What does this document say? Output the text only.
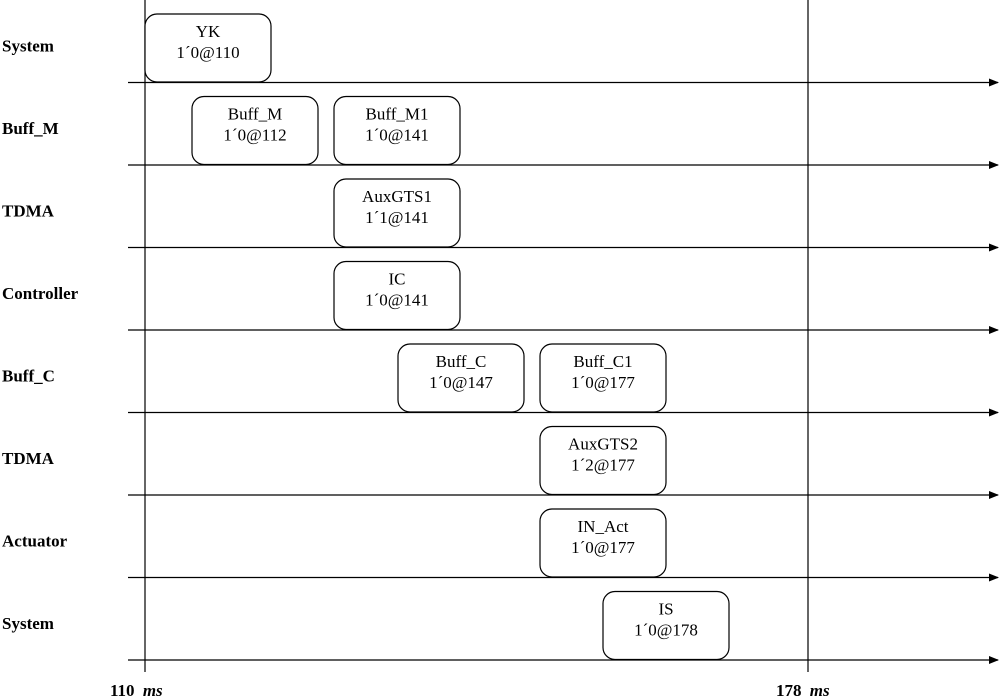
System
Buff_M
TDMA
Controller
Buff_C
TDMA
Actuator
System
YK
1´0@110
Buff_M
1´0@112
Buff_M1
1´0@141
AuxGTS1
1´1@141
IC
1´0@141
Buff_C
1´0@147
Buff_C1
1´0@177
AuxGTS2
1´2@177
IN_Act
1´0@177
IS
1´0@178
110 ms	178 ms
